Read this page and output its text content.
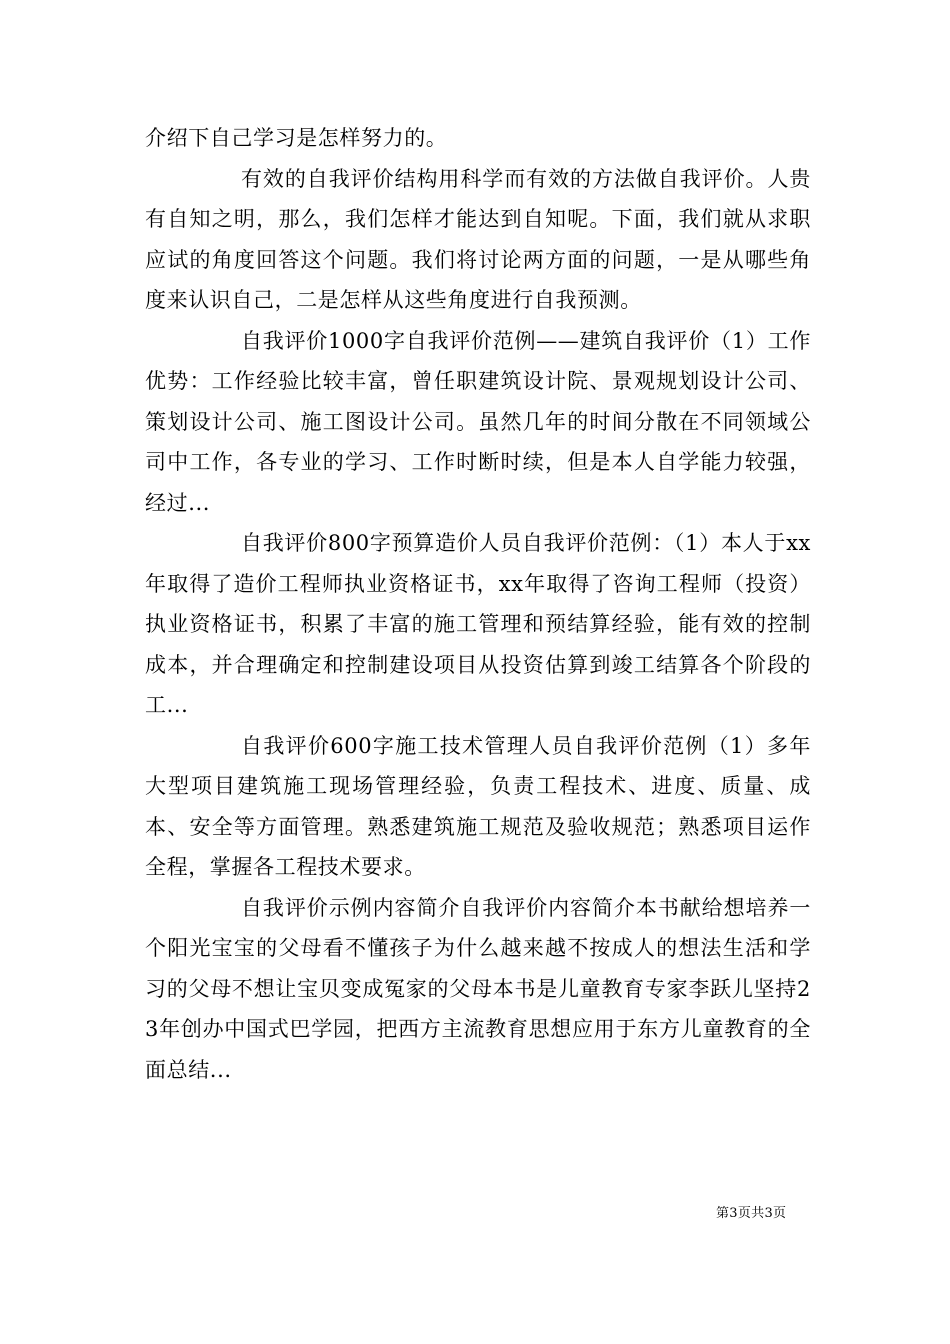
介绍下自己学习是怎样努力的。

有效的自我评价结构用科学而有效的方法做自我评价。人贵有自知之明，那么，我们怎样才能达到自知呢。下面，我们就从求职应试的角度回答这个问题。我们将讨论两方面的问题，一是从哪些角度来认识自己，二是怎样从这些角度进行自我预测。

自我评价1000字自我评价范例——建筑自我评价（1）工作优势：工作经验比较丰富，曾任职建筑设计院、景观规划设计公司、策划设计公司、施工图设计公司。虽然几年的时间分散在不同领域公司中工作，各专业的学习、工作时断时续，但是本人自学能力较强，经过...

自我评价800字预算造价人员自我评价范例：（1）本人于xx年取得了造价工程师执业资格证书，xx年取得了咨询工程师（投资）执业资格证书，积累了丰富的施工管理和预结算经验，能有效的控制成本，并合理确定和控制建设项目从投资估算到竣工结算各个阶段的工...

自我评价600字施工技术管理人员自我评价范例（1）多年大型项目建筑施工现场管理经验，负责工程技术、进度、质量、成本、安全等方面管理。熟悉建筑施工规范及验收规范；熟悉项目运作全程，掌握各工程技术要求。

自我评价示例内容简介自我评价内容简介本书献给想培养一个阳光宝宝的父母看不懂孩子为什么越来越不按成人的想法生活和学习的父母不想让宝贝变成冤家的父母本书是儿童教育专家李跃儿坚持23年创办中国式巴学园，把西方主流教育思想应用于东方儿童教育的全面总结...

第3页共3页
